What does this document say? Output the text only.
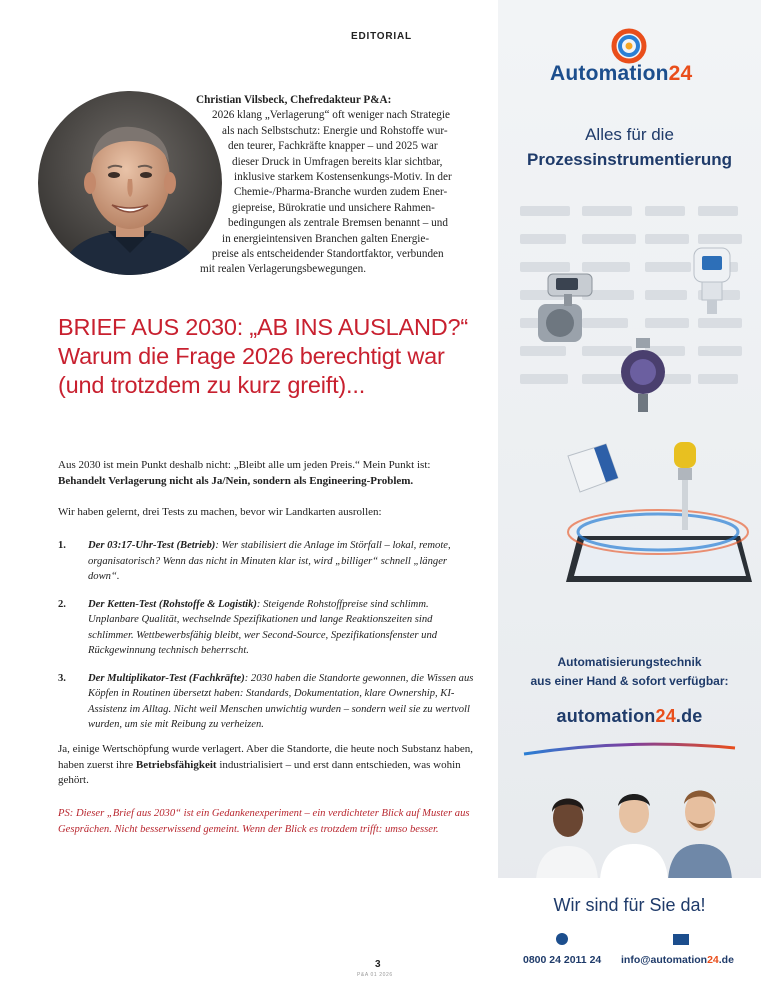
EDITORIAL
Christian Vilsbeck, Chefredakteur P&A:
2026 klang „Verlagerung“ oft weniger nach Strategie
als nach Selbstschutz: Energie und Rohstoffe wur-
den teurer, Fachkräfte knapper – und 2025 war
dieser Druck in Umfragen bereits klar sichtbar,
inklusive starkem Kostensenkungs-Motiv. In der
Chemie-/Pharma-Branche wurden zudem Ener-
giepreise, Bürokratie und unsichere Rahmen-
bedingungen als zentrale Bremsen benannt – und
in energieintensiven Branchen galten Energie-
preise als entscheidender Standortfaktor, verbunden
mit realen Verlagerungsbewegungen.
BRIEF AUS 2030: „AB INS AUSLAND?“
Warum die Frage 2026 berechtigt war
(und trotzdem zu kurz greift)...

Aus 2030 ist mein Punkt deshalb nicht: „Bleibt alle um jeden Preis.“ Mein Punkt ist: Behandelt Verlagerung nicht als Ja/Nein, sondern als Engineering-Problem.

Wir haben gelernt, drei Tests zu machen, bevor wir Landkarten ausrollen:

1. Der 03:17-Uhr-Test (Betrieb): Wer stabilisiert die Anlage im Störfall – lokal, remote, organisatorisch? Wenn das nicht in Minuten klar ist, wird „billiger“ schnell „länger down“.
2. Der Ketten-Test (Rohstoffe & Logistik): Steigende Rohstoffpreise sind schlimm. Unplanbare Qualität, wechselnde Spezifikationen und lange Reaktionszeiten sind schlimmer. Wettbewerbsfähig bleibt, wer Second-Source, Spezifikationsfenster und Rückgewinnung technisch beherrscht.
3. Der Multiplikator-Test (Fachkräfte): 2030 haben die Standorte gewonnen, die Wissen aus Köpfen in Routinen übersetzt haben: Standards, Dokumentation, klare Ownership, KI-Assistenz im Alltag. Nicht weil Menschen unwichtig wurden – sondern weil sie zu wertvoll wurden, um sie mit Reibung zu verheizen.

Ja, einige Wertschöpfung wurde verlagert. Aber die Standorte, die heute noch Substanz haben, haben zuerst ihre Betriebsfähigkeit industrialisiert – und erst dann entschieden, was wohin gehört.

PS: Dieser „Brief aus 2030“ ist ein Gedankenexperiment – ein verdichteter Blick auf Muster aus Gesprächen. Nicht besserwissend gemeint. Wenn der Blick es trotzdem trifft: umso besser.
3
P&A 01 2026
Automation24
Alles für die
Prozessinstrumentierung
Automatisierungstechnik
aus einer Hand & sofort verfügbar:
automation24.de
Wir sind für Sie da!
0800 24 2011 24 info@automation24.de
